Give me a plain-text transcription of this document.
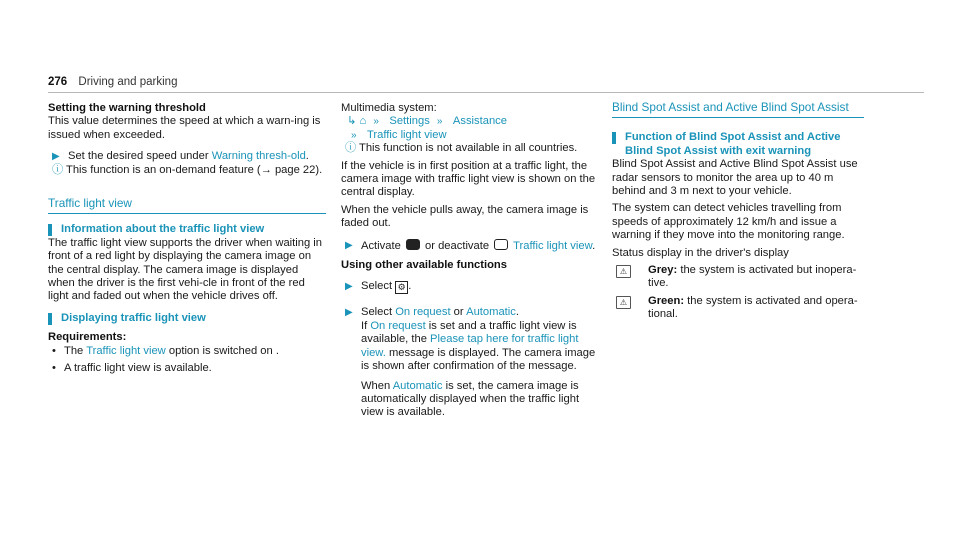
276 Driving and parking
Setting the warning threshold
This value determines the speed at which a warn-ing is issued when exceeded.
▶ Set the desired speed under Warning thresh-old.
ⓘ This function is an on-demand feature (→ page 22).
Traffic light view
Information about the traffic light view
The traffic light view supports the driver when waiting in front of a red light by displaying the camera image on the central display. The camera image is displayed when the driver is the first vehi-cle in front of the red light and faded out when the vehicle drives off.
Displaying traffic light view
Requirements:
• The Traffic light view option is switched on .
• A traffic light view is available.
Multimedia system:
↳ ⌂ » Settings » Assistance
» Traffic light view
ⓘ This function is not available in all countries.
If the vehicle is in first position at a traffic light, the camera image with traffic light view is shown on the central display.
When the vehicle pulls away, the camera image is faded out.
▶ Activate  or deactivate  Traffic light view.
Using other available functions
▶ Select ⚙ .
▶ Select On request or Automatic.
If On request is set and a traffic light view is available, the Please tap here for traffic light view. message is displayed. The camera image is shown after confirmation of the message.
When Automatic is set, the camera image is automatically displayed when the traffic light view is available.
Blind Spot Assist and Active Blind Spot Assist
Function of Blind Spot Assist and Active Blind Spot Assist with exit warning
Blind Spot Assist and Active Blind Spot Assist use radar sensors to monitor the area up to 40 m behind and 3 m next to your vehicle.
The system can detect vehicles travelling from speeds of approximately 12 km/h and issue a warning if they move into the monitoring range.
Status display in the driver's display
⚠	Grey: the system is activated but inopera-tive.
⚠	Green: the system is activated and opera-tional.
